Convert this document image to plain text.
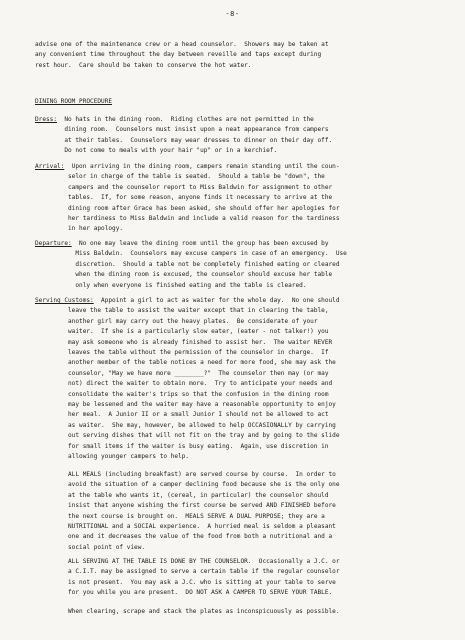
-8-
advise one of the maintenance crew or a head counselor.  Showers may be taken at
any convenient time throughout the day between reveille and taps except during
rest hour.  Care should be taken to conserve the hot water.
DINING ROOM PROCEDURE
Dress:  No hats in the dining room.  Riding clothes are not permitted in the
dining room.  Counselors must insist upon a neat appearance from campers
at their tables.  Counselors may wear dresses to dinner on their day off.
Do not come to meals with your hair "up" or in a kerchief.
Arrival:  Upon arriving in the dining room, campers remain standing until the coun-
selor in charge of the table is seated.  Should a table be "down", the
campers and the counselor report to Miss Baldwin for assignment to other
tables.  If, for some reason, anyone finds it necessary to arrive at the
dining room after Grace has been asked, she should offer her apologies for
her tardiness to Miss Baldwin and include a valid reason for the tardiness
in her apology.
Departure:  No one may leave the dining room until the group has been excused by
Miss Baldwin.  Counselors may excuse campers in case of an emergency.  Use
discretion.  Should a table not be completely finished eating or cleared
when the dining room is excused, the counselor should excuse her table
only when everyone is finished eating and the table is cleared.
Serving Customs:  Appoint a girl to act as waiter for the whole day.  No one should
leave the table to assist the waiter except that in clearing the table,
another girl may carry out the heavy plates.  Be considerate of your
waiter.  If she is a particularly slow eater, (eater - not talker!) you
may ask someone who is already finished to assist her.  The waiter NEVER
leaves the table without the permission of the counselor in charge.  If
another member of the table notices a need for more food, she may ask the
counselor, "May we have more ________?"  The counselor then may (or may
not) direct the waiter to obtain more.  Try to anticipate your needs and
consolidate the waiter's trips so that the confusion in the dining room
may be lessened and the waiter may have a reasonable opportunity to enjoy
her meal.  A Junior II or a small Junior I should not be allowed to act
as waiter.  She may, however, be allowed to help OCCASIONALLY by carrying
out serving dishes that will not fit on the tray and by going to the slide
for small items if the waiter is busy eating.  Again, use discretion in
allowing younger campers to help.
ALL MEALS (including breakfast) are served course by course.  In order to
avoid the situation of a camper declining food because she is the only one
at the table who wants it, (cereal, in particular) the counselor should
insist that anyone wishing the first course be served AND FINISHED before
the next course is brought on.  MEALS SERVE A DUAL PURPOSE; they are a
NUTRITIONAL and a SOCIAL experience.  A hurried meal is seldom a pleasant
one and it decreases the value of the food from both a nutritional and a
social point of view.
ALL SERVING AT THE TABLE IS DONE BY THE COUNSELOR.  Occasionally a J.C. or
a C.I.T. may be assigned to serve a certain table if the regular counselor
is not present.  You may ask a J.C. who is sitting at your table to serve
for you while you are present.  DO NOT ASK A CAMPER TO SERVE YOUR TABLE.
When clearing, scrape and stack the plates as inconspicuously as possible.
